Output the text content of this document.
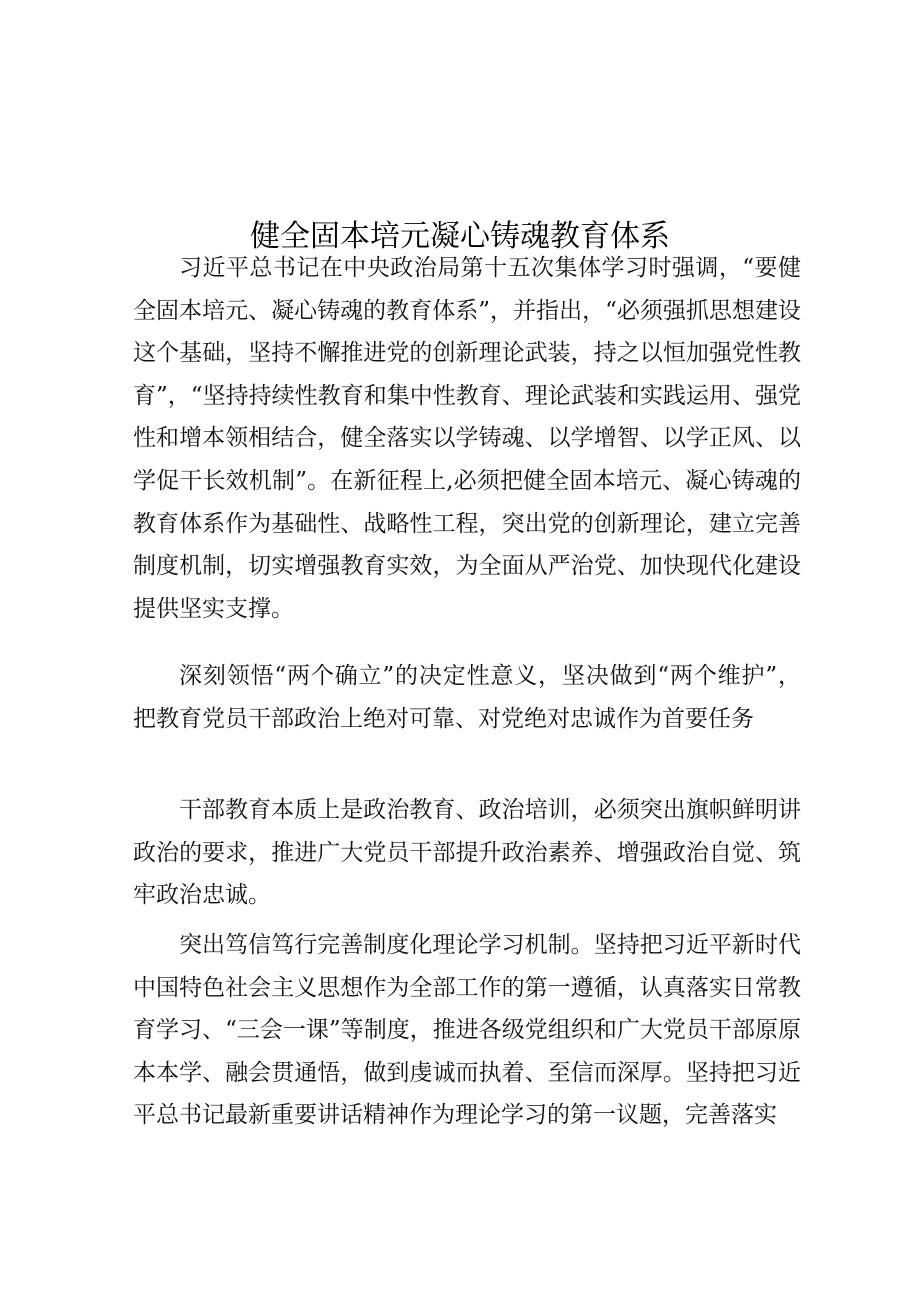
健全固本培元凝心铸魂教育体系

习近平总书记在中央政治局第十五次集体学习时强调，“要健全固本培元、凝心铸魂的教育体系”，并指出，“必须强抓思想建设这个基础，坚持不懈推进党的创新理论武装，持之以恒加强党性教育”，“坚持持续性教育和集中性教育、理论武装和实践运用、强党性和增本领相结合，健全落实以学铸魂、以学增智、以学正风、以学促干长效机制”。在新征程上,必须把健全固本培元、凝心铸魂的教育体系作为基础性、战略性工程，突出党的创新理论，建立完善制度机制，切实增强教育实效，为全面从严治党、加快现代化建设提供坚实支撑。

深刻领悟“两个确立”的决定性意义，坚决做到“两个维护”，把教育党员干部政治上绝对可靠、对党绝对忠诚作为首要任务

干部教育本质上是政治教育、政治培训，必须突出旗帜鲜明讲政治的要求，推进广大党员干部提升政治素养、增强政治自觉、筑牢政治忠诚。

突出笃信笃行完善制度化理论学习机制。坚持把习近平新时代中国特色社会主义思想作为全部工作的第一遵循，认真落实日常教育学习、“三会一课”等制度，推进各级党组织和广大党员干部原原本本学、融会贯通悟，做到虔诚而执着、至信而深厚。坚持把习近平总书记最新重要讲话精神作为理论学习的第一议题，完善落实
